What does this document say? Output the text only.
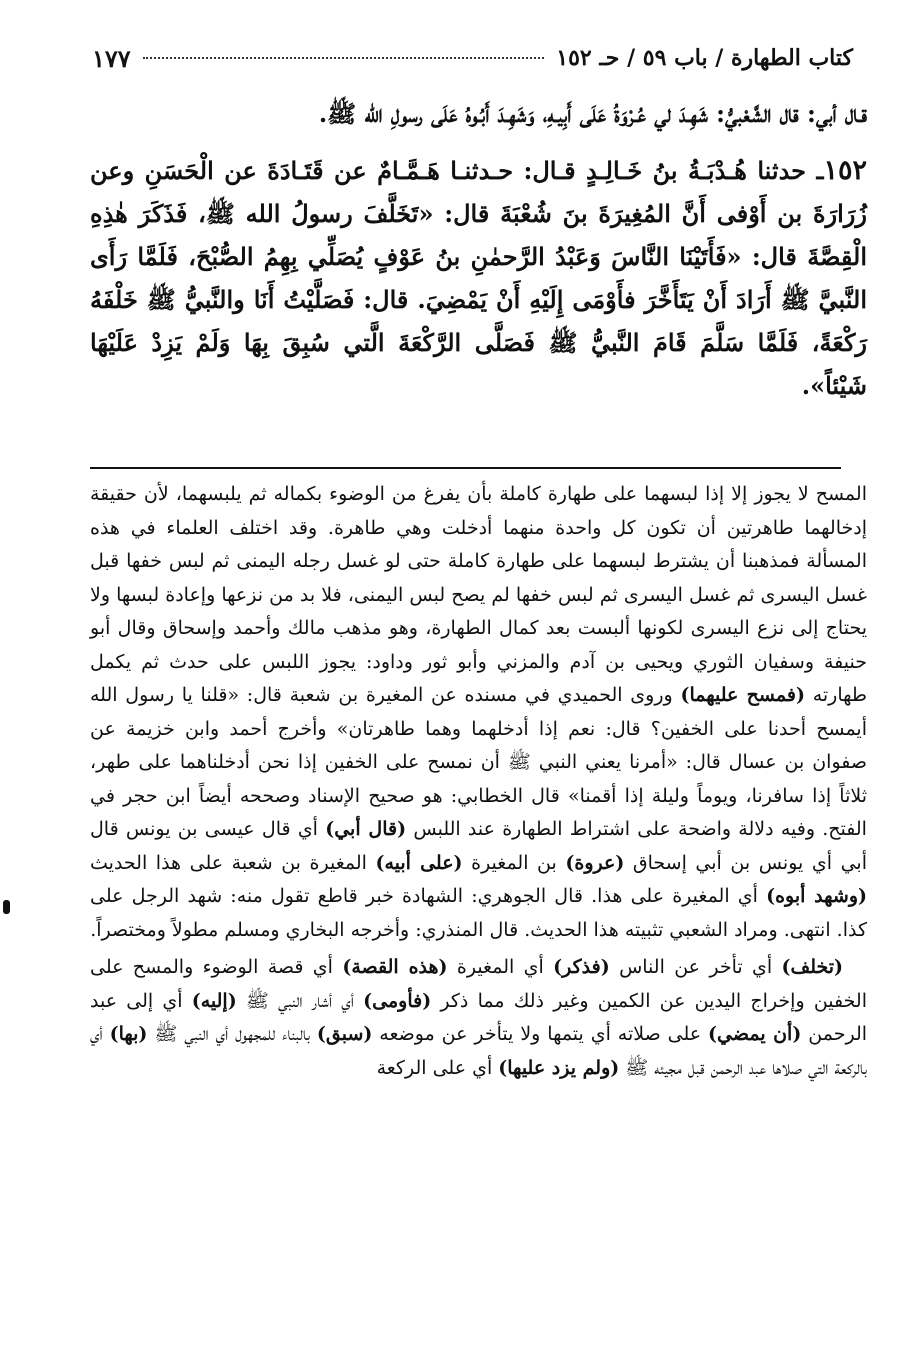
كتاب الطهارة / باب ٥٩ / حـ ١٥٢
١٧٧

قـال أبي: قال الشَّعْبيُّ: شَهِـدَ لي عُـرْوَةُ عَلَى أَبِيـهِ، وَشَهِـدَ أَبُـوهُ عَلَى رسولِ الله ﷺ.

١٥٢ـ حدثنا هُـدْبَـةُ بنُ خَـالِـدٍ قـال: حـدثنـا هَـمَّـامٌ عن قَتَـادَةَ عن الْحَسَنِ وعن زُرَارَةَ بن أَوْفى أَنَّ المُغِيرَةَ بنَ شُعْبَةَ قال: «تَخَلَّفَ رسولُ الله ﷺ، فَذَكَرَ هٰذِهِ الْقِصَّةَ قال: «فَأَتَيْنَا النَّاسَ وَعَبْدُ الرَّحمٰنِ بنُ عَوْفٍ يُصَلِّي بِهِمُ الصُّبْحَ، فَلَمَّا رَأَى النَّبيَّ ﷺ أَرَادَ أَنْ يَتَأَخَّرَ فأَوْمَى إِلَيْهِ أَنْ يَمْضِيَ. قال: فَصَلَّيْتُ أَنَا والنَّبيُّ ﷺ خَلْفَهُ رَكْعَةً، فَلَمَّا سَلَّمَ قَامَ النَّبيُّ ﷺ فَصَلَّى الرَّكْعَةَ الَّتي سُبِقَ بِهَا وَلَمْ يَزِدْ عَلَيْهَا شَيْئاً».

المسح لا يجوز إلا إذا لبسهما على طهارة كاملة بأن يفرغ من الوضوء بكماله ثم يلبسهما، لأن حقيقة إدخالهما طاهرتين أن تكون كل واحدة منهما أدخلت وهي طاهرة. وقد اختلف العلماء في هذه المسألة فمذهبنا أن يشترط لبسهما على طهارة كاملة حتى لو غسل رجله اليمنى ثم لبس خفها قبل غسل اليسرى ثم غسل اليسرى ثم لبس خفها لم يصح لبس اليمنى، فلا بد من نزعها وإعادة لبسها ولا يحتاج إلى نزع اليسرى لكونها ألبست بعد كمال الطهارة، وهو مذهب مالك وأحمد وإسحاق وقال أبو حنيفة وسفيان الثوري ويحيى بن آدم والمزني وأبو ثور وداود: يجوز اللبس على حدث ثم يكمل طهارته (فمسح عليهما) وروى الحميدي في مسنده عن المغيرة بن شعبة قال: «قلنا يا رسول الله أيمسح أحدنا على الخفين؟ قال: نعم إذا أدخلهما وهما طاهرتان» وأخرج أحمد وابن خزيمة عن صفوان بن عسال قال: «أمرنا يعني النبي ﷺ أن نمسح على الخفين إذا نحن أدخلناهما على طهر، ثلاثاً إذا سافرنا، ويوماً وليلة إذا أقمنا» قال الخطابي: هو صحيح الإسناد وصححه أيضاً ابن حجر في الفتح. وفيه دلالة واضحة على اشتراط الطهارة عند اللبس (قال أبي) أي قال عيسى بن يونس قال أبي أي يونس بن أبي إسحاق (عروة) بن المغيرة (على أبيه) المغيرة بن شعبة على هذا الحديث (وشهد أبوه) أي المغيرة على هذا. قال الجوهري: الشهادة خبر قاطع تقول منه: شهد الرجل على كذا. انتهى. ومراد الشعبي تثبيته هذا الحديث. قال المنذري: وأخرجه البخاري ومسلم مطولاً ومختصراً.

(تخلف) أي تأخر عن الناس (فذكر) أي المغيرة (هذه القصة) أي قصة الوضوء والمسح على الخفين وإخراج اليدين عن الكمين وغير ذلك مما ذكر (فأومى) أي أشار النبي ﷺ (إليه) أي إلى عبد الرحمن (أن يمضي) على صلاته أي يتمها ولا يتأخر عن موضعه (سبق) بالبناء للمجهول أي النبي ﷺ (بها) أي بالركعة التي صلاها عبد الرحمن قبل مجيئه ﷺ (ولم يزد عليها) أي على الركعة
